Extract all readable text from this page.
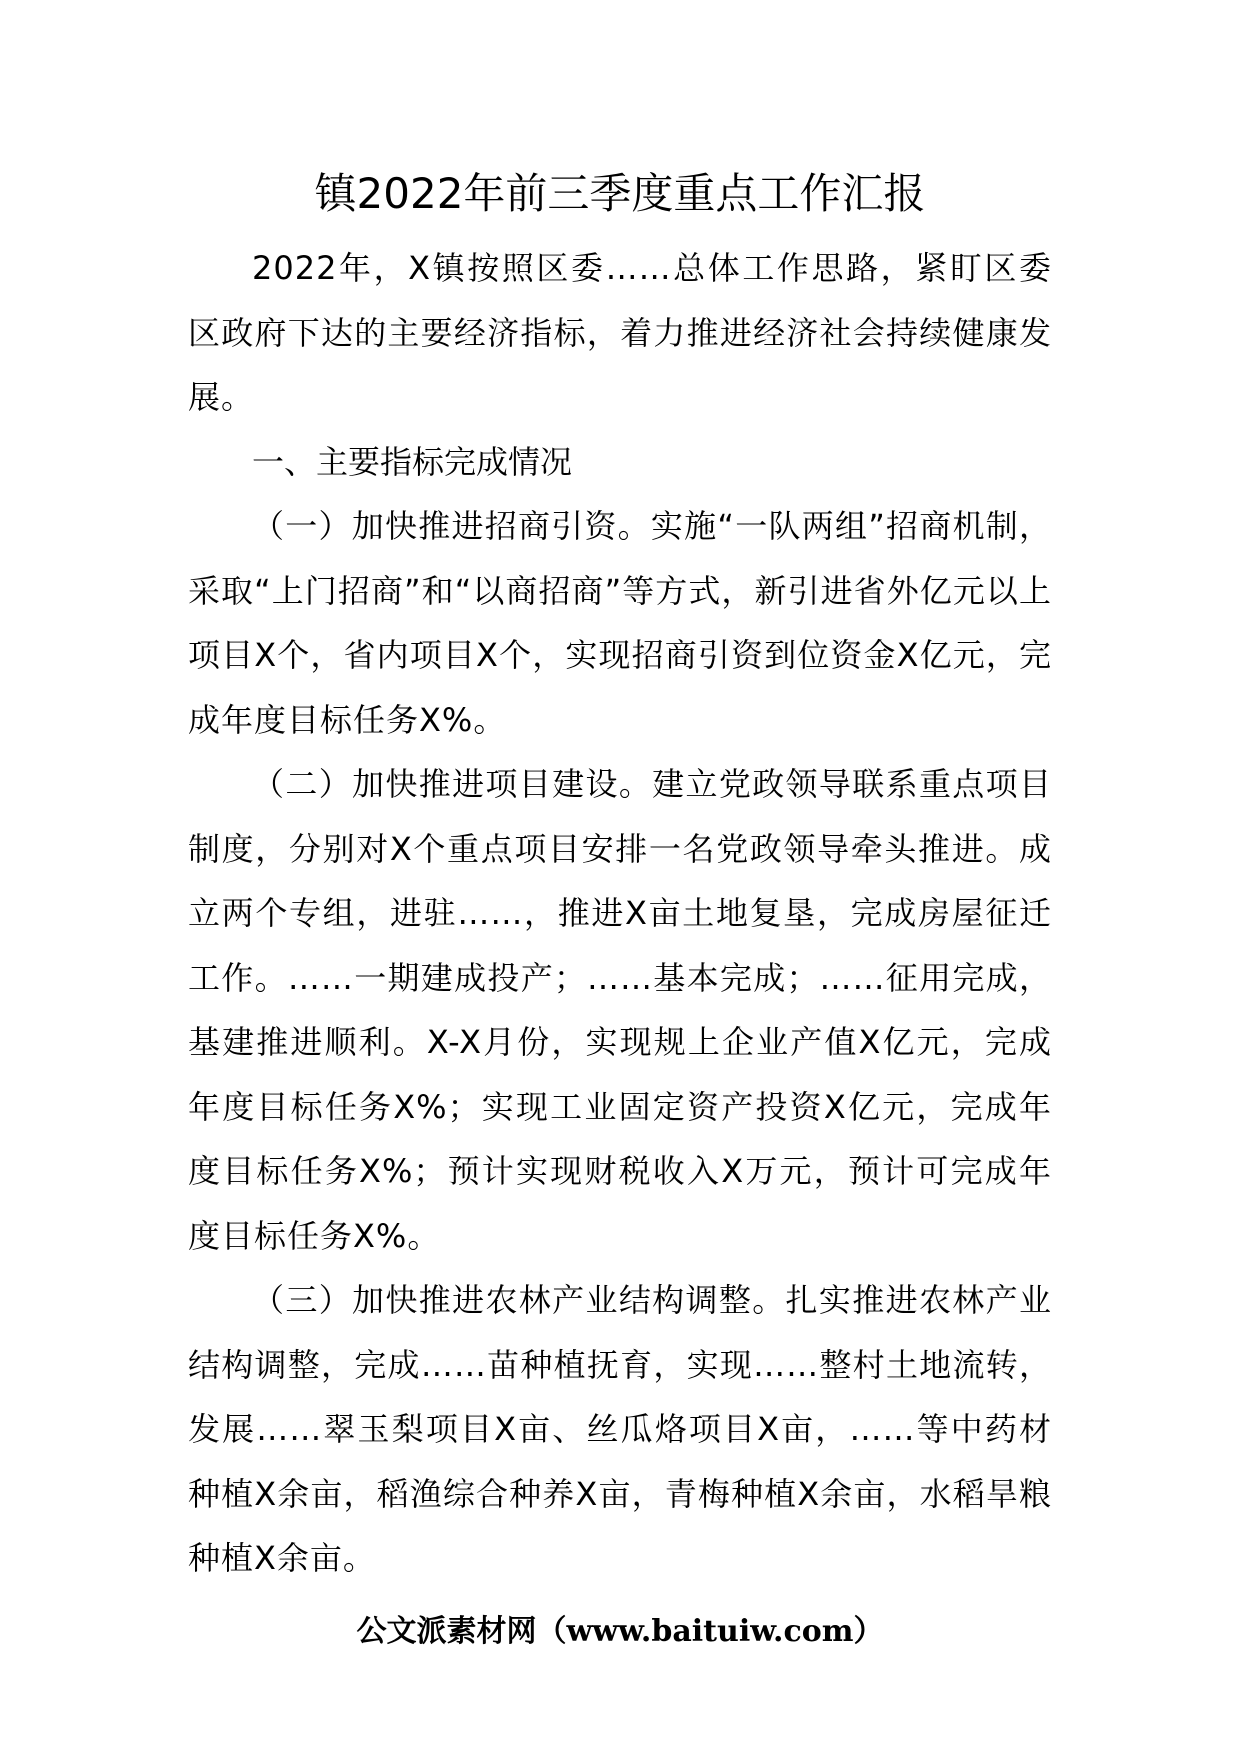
镇2022年前三季度重点工作汇报

2022年，X镇按照区委……总体工作思路，紧盯区委区政府下达的主要经济指标，着力推进经济社会持续健康发展。

一、主要指标完成情况

（一）加快推进招商引资。实施“一队两组”招商机制，采取“上门招商”和“以商招商”等方式，新引进省外亿元以上项目X个，省内项目X个，实现招商引资到位资金X亿元，完成年度目标任务X%。

（二）加快推进项目建设。建立党政领导联系重点项目制度，分别对X个重点项目安排一名党政领导牵头推进。成立两个专组，进驻……，推进X亩土地复垦，完成房屋征迁工作。……一期建成投产；……基本完成；……征用完成，基建推进顺利。X-X月份，实现规上企业产值X亿元，完成年度目标任务X%；实现工业固定资产投资X亿元，完成年度目标任务X%；预计实现财税收入X万元，预计可完成年度目标任务X%。

（三）加快推进农林产业结构调整。扎实推进农林产业结构调整，完成……苗种植抚育，实现……整村土地流转，发展……翠玉梨项目X亩、丝瓜烙项目X亩，……等中药材种植X余亩，稻渔综合种养X亩，青梅种植X余亩，水稻旱粮种植X余亩。

公文派素材网（www.baituiw.com）
